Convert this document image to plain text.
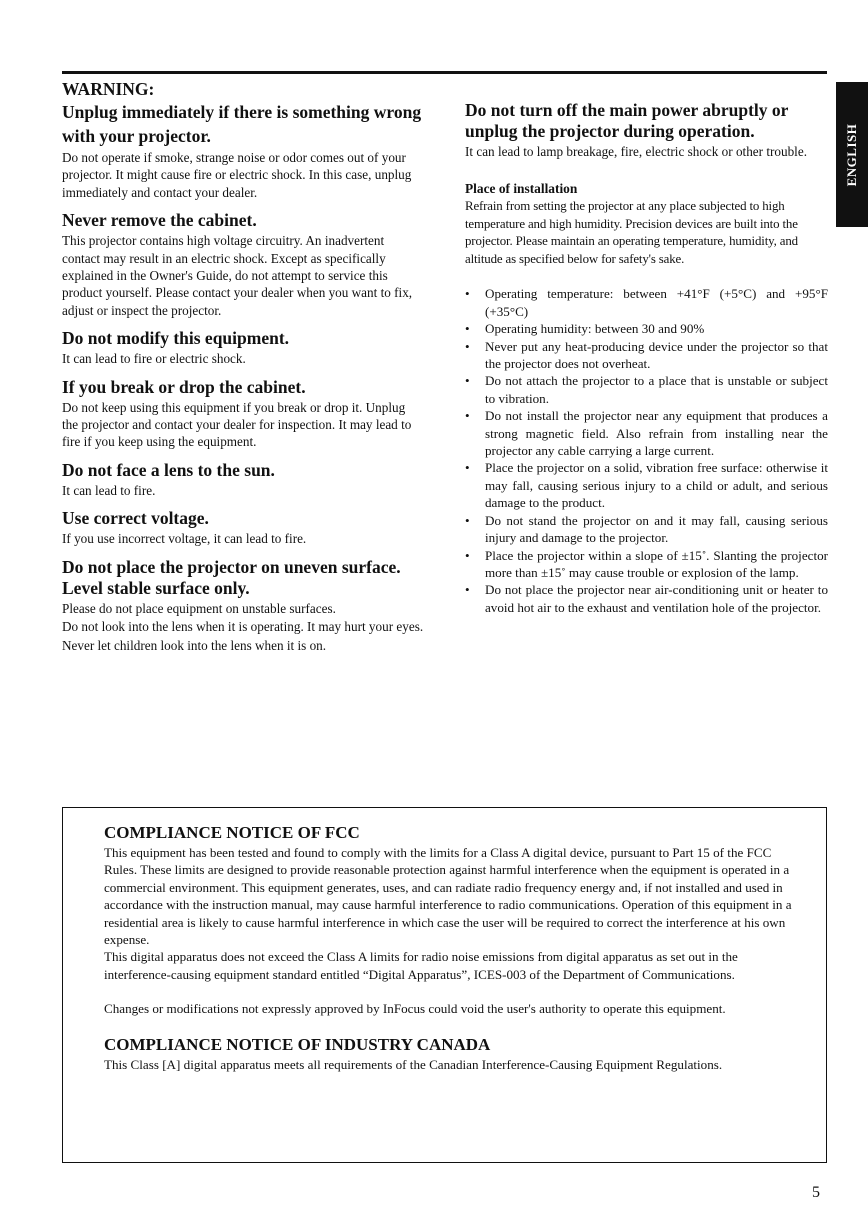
ENGLISH
WARNING:
Unplug immediately if there is something wrong with your projector.

Do not operate if smoke, strange noise or odor comes out of your projector. It might cause fire or electric shock. In this case, unplug immediately and contact your dealer.

Never remove the cabinet.

This projector contains high voltage circuitry. An inadvertent contact may result in an electric shock. Except as specifically explained in the Owner's Guide, do not attempt to service this product yourself. Please contact your dealer when you want to fix, adjust or inspect the projector.

Do not modify this equipment.

It can lead to fire or electric shock.

If you break or drop the cabinet.

Do not keep using this equipment if you break or drop it. Unplug the projector and contact your dealer for inspection. It may lead to fire if you keep using the equipment.

Do not face a lens to the sun.

It can lead to fire.

Use correct voltage.

If you use incorrect voltage, it can lead to fire.

Do not place the projector on uneven surface. Level stable surface only.

Please do not place equipment on unstable surfaces.

Do not look into the lens when it is operating. It may hurt your eyes.

Never let children look into the lens when it is on.

Do not turn off the main power abruptly or unplug the projector during operation.

It can lead to lamp breakage, fire, electric shock or other trouble.

Place of installation

Refrain from setting the projector at any place subjected to high temperature and high humidity. Precision devices are built into the projector. Please maintain an operating temperature, humidity, and altitude as specified below for safety's sake.

• Operating temperature: between +41°F (+5°C) and +95°F (+35°C)
• Operating humidity: between 30 and 90%
• Never put any heat-producing device under the projector so that the projector does not overheat.
• Do not attach the projector to a place that is unstable or subject to vibration.
• Do not install the projector near any equipment that produces a strong magnetic field. Also refrain from installing near the projector any cable carrying a large current.
• Place the projector on a solid, vibration free surface: otherwise it may fall, causing serious injury to a child or adult, and serious damage to the product.
• Do not stand the projector on and it may fall, causing serious injury and damage to the projector.
• Place the projector within a slope of ±15˚. Slanting the projector more than ±15˚ may cause trouble or explosion of the lamp.
• Do not place the projector near air-conditioning unit or heater to avoid hot air to the exhaust and ventilation hole of the projector.
COMPLIANCE NOTICE OF FCC

This equipment has been tested and found to comply with the limits for a Class A digital device, pursuant to Part 15 of the FCC Rules. These limits are designed to provide reasonable protection against harmful interference when the equipment is operated in a commercial environment. This equipment generates, uses, and can radiate radio frequency energy and, if not installed and used in accordance with the instruction manual, may cause harmful interference to radio communications. Operation of this equipment in a residential area is likely to cause harmful interference in which case the user will be required to correct the interference at his own expense.

This digital apparatus does not exceed the Class A limits for radio noise emissions from digital apparatus as set out in the interference-causing equipment standard entitled “Digital Apparatus”, ICES-003 of the Department of Communications.

Changes or modifications not expressly approved by InFocus could void the user's authority to operate this equipment.

COMPLIANCE NOTICE OF INDUSTRY CANADA

This Class [A] digital apparatus meets all requirements of the Canadian Interference-Causing Equipment Regulations.

5
